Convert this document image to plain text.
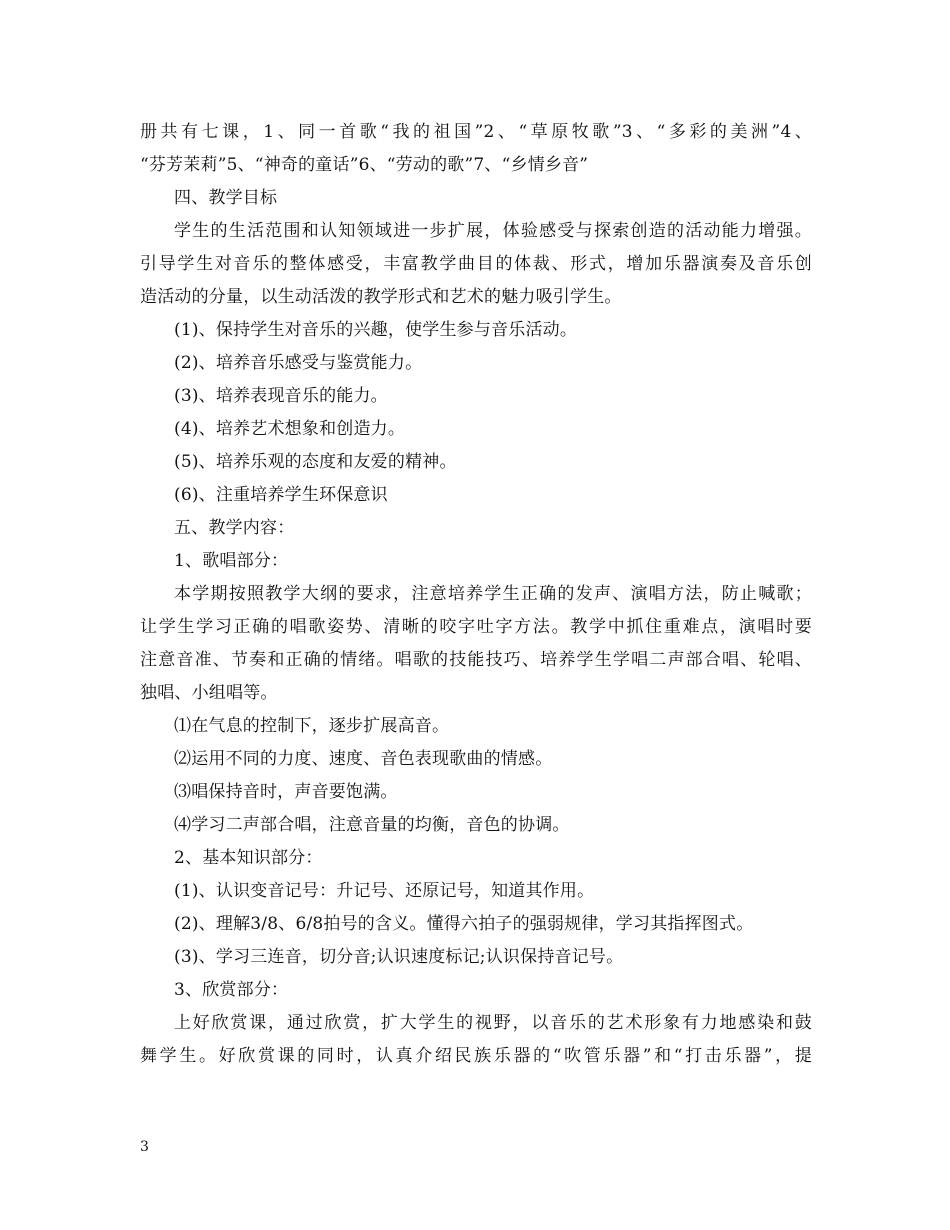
册共有七课，1、同一首歌“我的祖国”2、“草原牧歌”3、“多彩的美洲”4、
“芬芳茉莉”5、“神奇的童话”6、“劳动的歌”7、“乡情乡音”
四、教学目标
学生的生活范围和认知领域进一步扩展，体验感受与探索创造的活动能力增强。
引导学生对音乐的整体感受，丰富教学曲目的体裁、形式，增加乐器演奏及音乐创
造活动的分量，以生动活泼的教学形式和艺术的魅力吸引学生。
(1)、保持学生对音乐的兴趣，使学生参与音乐活动。
(2)、培养音乐感受与鉴赏能力。
(3)、培养表现音乐的能力。
(4)、培养艺术想象和创造力。
(5)、培养乐观的态度和友爱的精神。
(6)、注重培养学生环保意识
五、教学内容：
1、歌唱部分：
本学期按照教学大纲的要求，注意培养学生正确的发声、演唱方法，防止喊歌；
让学生学习正确的唱歌姿势、清晰的咬字吐字方法。教学中抓住重难点，演唱时要
注意音准、节奏和正确的情绪。唱歌的技能技巧、培养学生学唱二声部合唱、轮唱、
独唱、小组唱等。
⑴在气息的控制下，逐步扩展高音。
⑵运用不同的力度、速度、音色表现歌曲的情感。
⑶唱保持音时，声音要饱满。
⑷学习二声部合唱，注意音量的均衡，音色的协调。
2、基本知识部分：
(1)、认识变音记号：升记号、还原记号，知道其作用。
(2)、理解3/8、6/8拍号的含义。懂得六拍子的强弱规律，学习其指挥图式。
(3)、学习三连音，切分音;认识速度标记;认识保持音记号。
3、欣赏部分：
上好欣赏课，通过欣赏，扩大学生的视野，以音乐的艺术形象有力地感染和鼓
舞学生。好欣赏课的同时，认真介绍民族乐器的“吹管乐器”和“打击乐器”，提
3
